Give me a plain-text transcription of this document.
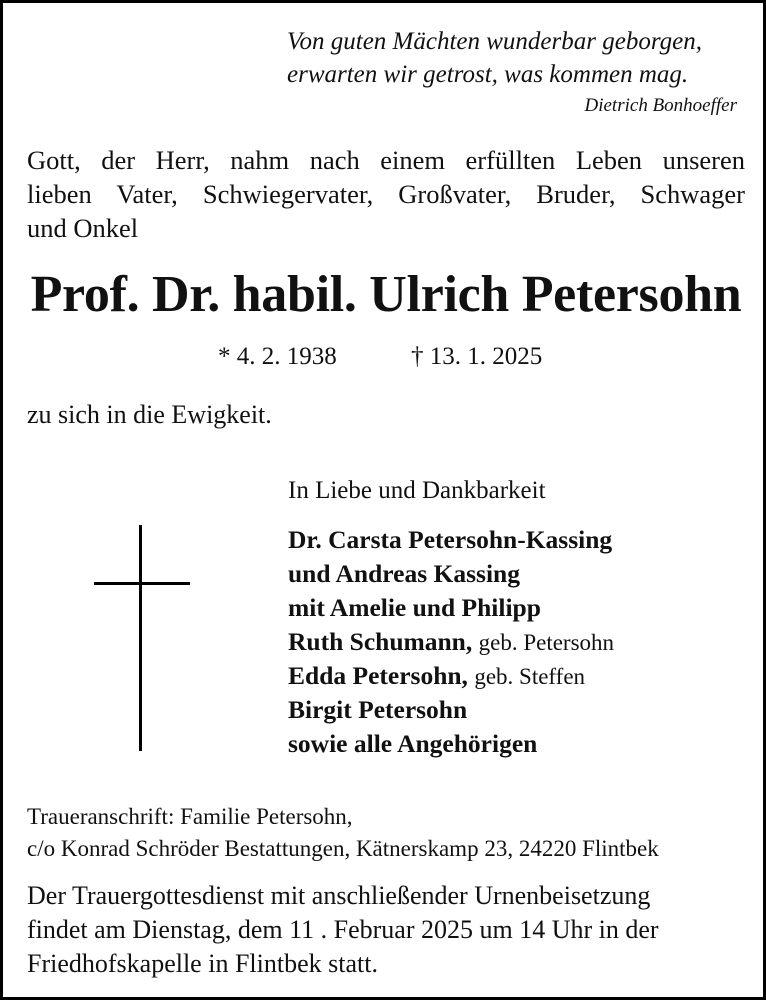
Von guten Mächten wunderbar geborgen,
erwarten wir getrost, was kommen mag.
Dietrich Bonhoeffer
Gott, der Herr, nahm nach einem erfüllten Leben unseren
lieben Vater, Schwiegervater, Großvater, Bruder, Schwager
und Onkel
Prof. Dr. habil. Ulrich Petersohn
* 4. 2. 1938	† 13. 1. 2025
zu sich in die Ewigkeit.
In Liebe und Dankbarkeit
Dr. Carsta Petersohn-Kassing
und Andreas Kassing
mit Amelie und Philipp
Ruth Schumann, geb. Petersohn
Edda Petersohn, geb. Steffen
Birgit Petersohn
sowie alle Angehörigen
Traueranschrift: Familie Petersohn,
c/o Konrad Schröder Bestattungen, Kätnerskamp 23, 24220 Flintbek
Der Trauergottesdienst mit anschließender Urnenbeisetzung
findet am Dienstag, dem 11 . Februar 2025 um 14 Uhr in der
Friedhofskapelle in Flintbek statt.
